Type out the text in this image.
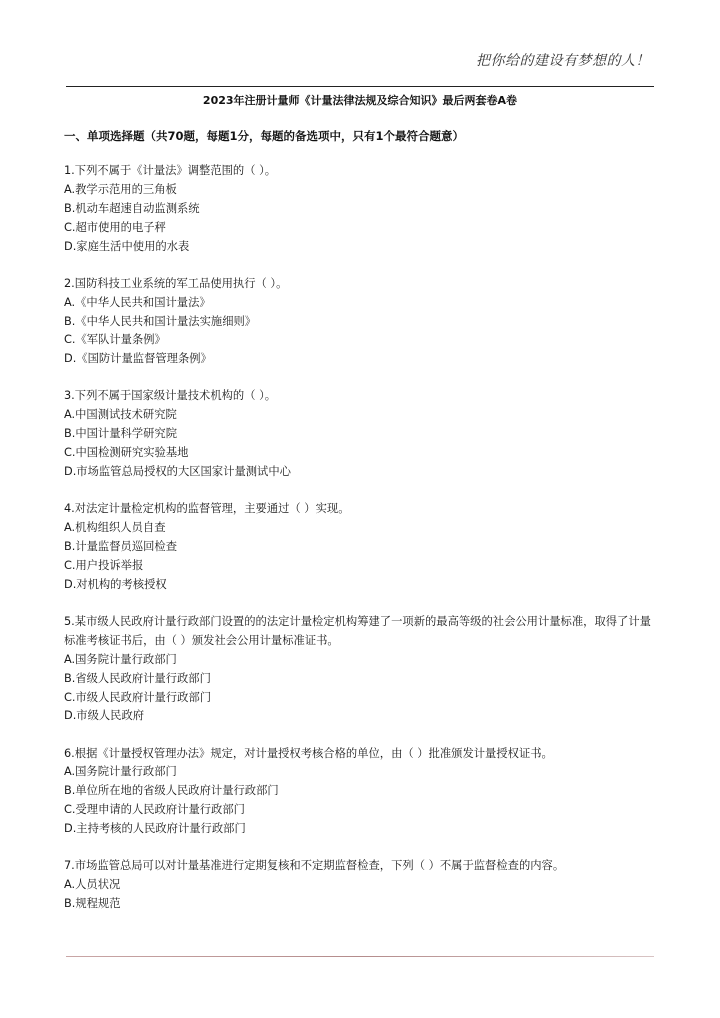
把你给的建设有梦想的人！
2023年注册计量师《计量法律法规及综合知识》最后两套卷A卷
一、单项选择题（共70题，每题1分，每题的备选项中，只有1个最符合题意）
1.下列不属于《计量法》调整范围的（ ）。
A.教学示范用的三角板
B.机动车超速自动监测系统
C.超市使用的电子秤
D.家庭生活中使用的水表
2.国防科技工业系统的军工品使用执行（ ）。
A.《中华人民共和国计量法》
B.《中华人民共和国计量法实施细则》
C.《军队计量条例》
D.《国防计量监督管理条例》
3.下列不属于国家级计量技术机构的（ ）。
A.中国测试技术研究院
B.中国计量科学研究院
C.中国检测研究实验基地
D.市场监管总局授权的大区国家计量测试中心
4.对法定计量检定机构的监督管理，主要通过（ ）实现。
A.机构组织人员自查
B.计量监督员巡回检查
C.用户投诉举报
D.对机构的考核授权
5.某市级人民政府计量行政部门设置的的法定计量检定机构筹建了一项新的最高等级的社会公用计量标准，取得了计量标准考核证书后，由（ ）颁发社会公用计量标准证书。
A.国务院计量行政部门
B.省级人民政府计量行政部门
C.市级人民政府计量行政部门
D.市级人民政府
6.根据《计量授权管理办法》规定，对计量授权考核合格的单位，由（ ）批准颁发计量授权证书。
A.国务院计量行政部门
B.单位所在地的省级人民政府计量行政部门
C.受理申请的人民政府计量行政部门
D.主持考核的人民政府计量行政部门
7.市场监管总局可以对计量基准进行定期复核和不定期监督检查，下列（ ）不属于监督检查的内容。
A.人员状况
B.规程规范
